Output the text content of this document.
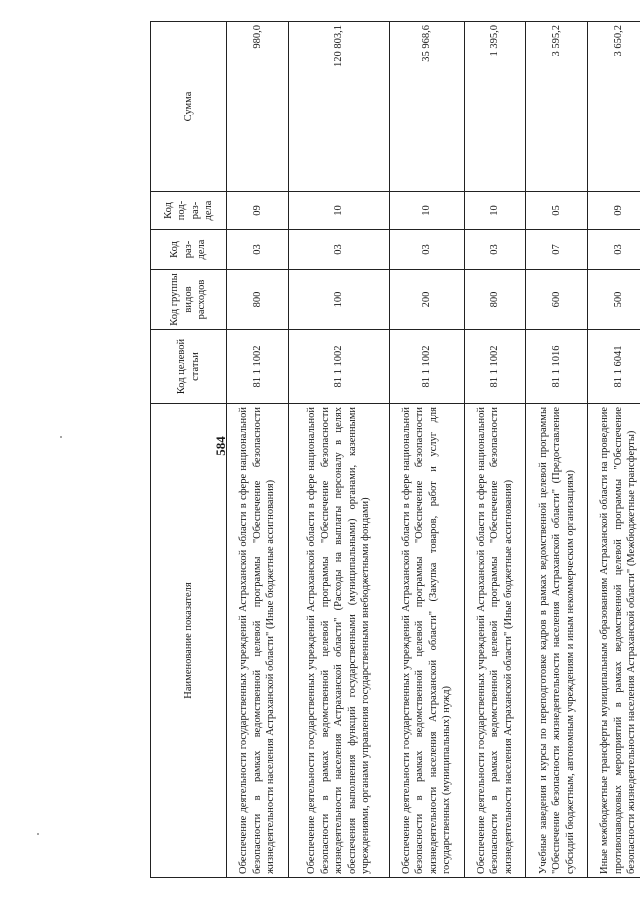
584
Наименование показателя	Код целевой статьи	Код группы видов расходов	Код раз-дела	Код под-раз-дела	Сумма
Обеспечение деятельности государственных учреждений Астраханской области в сфере национальной безопасности в рамках ведомственной целевой программы "Обеспечение безопасности жизнедеятельности населения Астраханской области" (Иные бюджетные ассигнования)	81 1 1002	800	03	09	980,0
Обеспечение деятельности государственных учреждений Астраханской области в сфере национальной безопасности в рамках ведомственной целевой программы "Обеспечение безопасности жизнедеятельности населения Астраханской области" (Расходы на выплаты персоналу в целях обеспечения выполнения функций государственными (муниципальными) органами, казенными учреждениями, органами управления государственными внебюджетными фондами)	81 1 1002	100	03	10	120 803,1
Обеспечение деятельности государственных учреждений Астраханской области в сфере национальной безопасности в рамках ведомственной целевой программы "Обеспечение безопасности жизнедеятельности населения Астраханской области" (Закупка товаров, работ и услуг для государственных (муниципальных) нужд)	81 1 1002	200	03	10	35 968,6
Обеспечение деятельности государственных учреждений Астраханской области в сфере национальной безопасности в рамках ведомственной целевой программы "Обеспечение безопасности жизнедеятельности населения Астраханской области" (Иные бюджетные ассигнования)	81 1 1002	800	03	10	1 395,0
Учебные заведения и курсы по переподготовке кадров в рамках ведомственной целевой программы "Обеспечение безопасности жизнедеятельности населения Астраханской области" (Предоставление субсидий бюджетным, автономным учреждениям и иным некоммерческим организациям)	81 1 1016	600	07	05	3 595,2
Иные межбюджетные трансферты муниципальным образованиям Астраханской области на проведение противопаводковых мероприятий в рамках ведомственной целевой программы "Обеспечение безопасности жизнедеятельности населения Астраханской области" (Межбюджетные трансферты)	81 1 6041	500	03	09	3 650,2
